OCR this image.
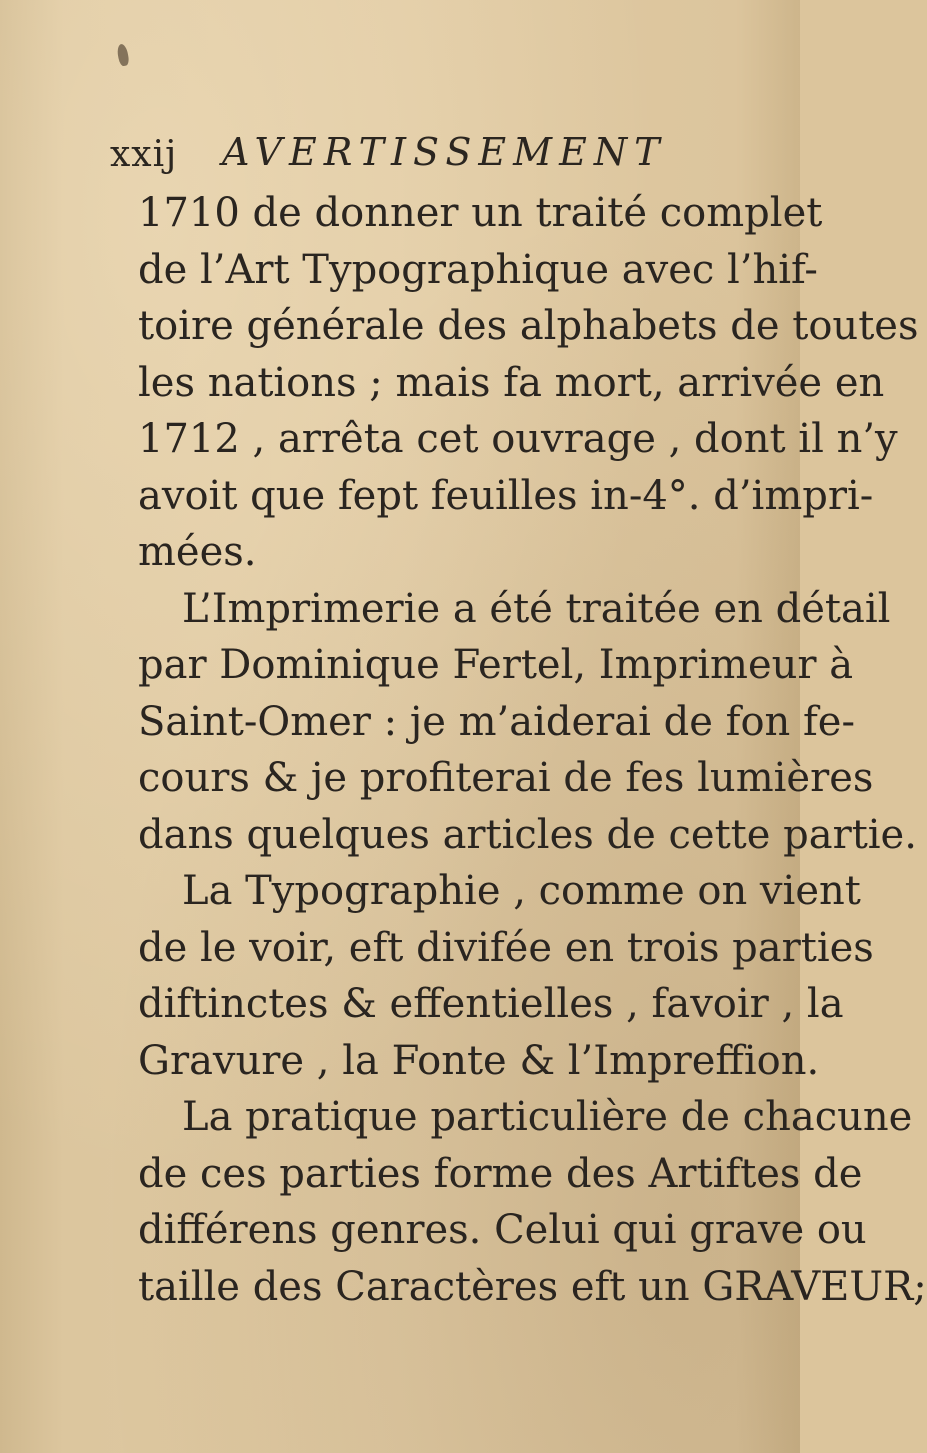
xxij AVERTISSEMENT
1710 de donner un traité complet
de l’Art Typographique avec l’hif-
toire générale des alphabets de toutes
les nations ; mais fa mort, arrivée en
1712 , arrêta cet ouvrage , dont il n’y
avoit que fept feuilles in-4°. d’impri-
mées.
L’Imprimerie a été traitée en détail
par Dominique Fertel, Imprimeur à
Saint-Omer : je m’aiderai de fon fe-
cours & je profiterai de fes lumières
dans quelques articles de cette partie.
La Typographie , comme on vient
de le voir, eft divifée en trois parties
diftinctes & effentielles , favoir , la
Gravure , la Fonte & l’Impreffion.
La pratique particulière de chacune
de ces parties forme des Artiftes de
différens genres. Celui qui grave ou
taille des Caractères eft un GRAVEUR;
